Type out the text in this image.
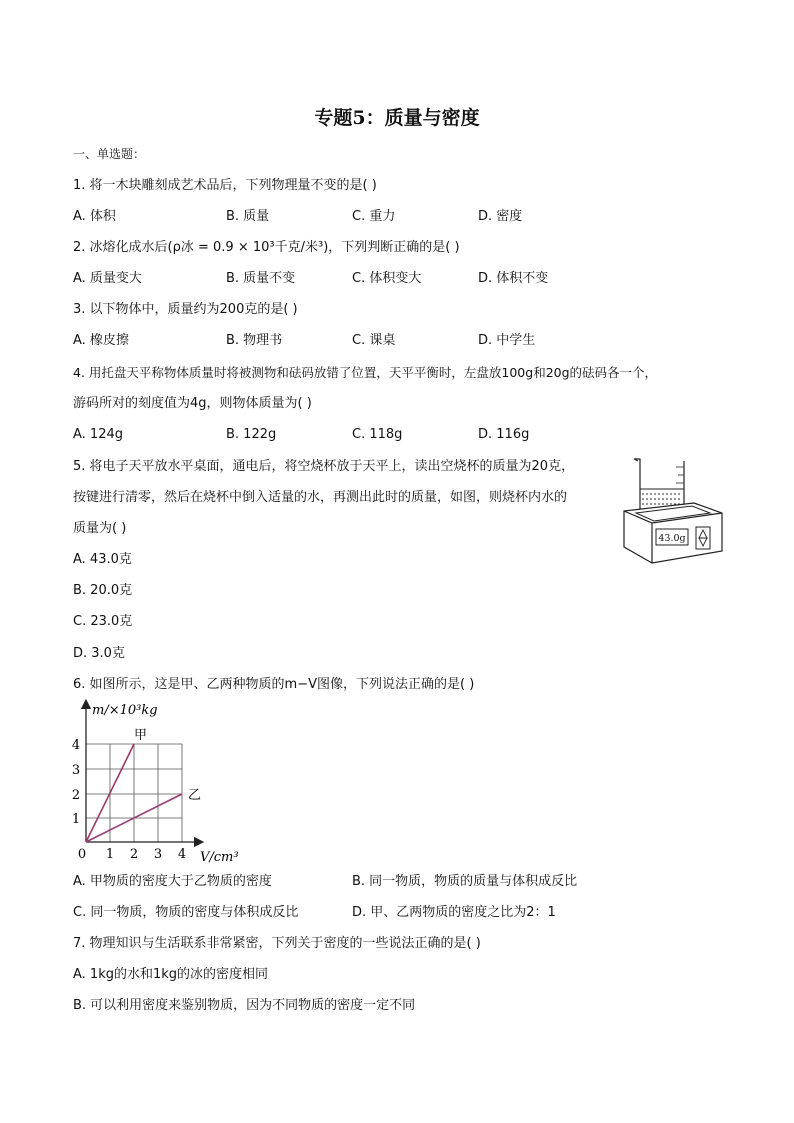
专题5：质量与密度
一、单选题：
1. 将一木块雕刻成艺术品后，下列物理量不变的是( )
A. 体积	B. 质量	C. 重力	D. 密度
2. 冰熔化成水后(ρ冰 = 0.9 × 10³千克/米³)，下列判断正确的是( )
A. 质量变大	B. 质量不变	C. 体积变大	D. 体积不变
3. 以下物体中，质量约为200克的是( )
A. 橡皮擦	B. 物理书	C. 课桌	D. 中学生
4. 用托盘天平称物体质量时将被测物和砝码放错了位置，天平平衡时，左盘放100g和20g的砝码各一个，
游码所对的刻度值为4g，则物体质量为( )
A. 124g	B. 122g	C. 118g	D. 116g
5. 将电子天平放水平桌面，通电后，将空烧杯放于天平上，读出空烧杯的质量为20克，
按键进行清零，然后在烧杯中倒入适量的水，再测出此时的质量，如图，则烧杯内水的
质量为( )
A. 43.0克
B. 20.0克
C. 23.0克
D. 3.0克
43.0g
6. 如图所示，这是甲、乙两种物质的m−V图像，下列说法正确的是( )
m/×10³kg
V/cm³
甲
乙
0 1 2 3 4
1
2
3
4
A. 甲物质的密度大于乙物质的密度	B. 同一物质，物质的质量与体积成反比
C. 同一物质，物质的密度与体积成反比	D. 甲、乙两物质的密度之比为2：1
7. 物理知识与生活联系非常紧密，下列关于密度的一些说法正确的是( )
A. 1kg的水和1kg的冰的密度相同
B. 可以利用密度来鉴别物质，因为不同物质的密度一定不同
